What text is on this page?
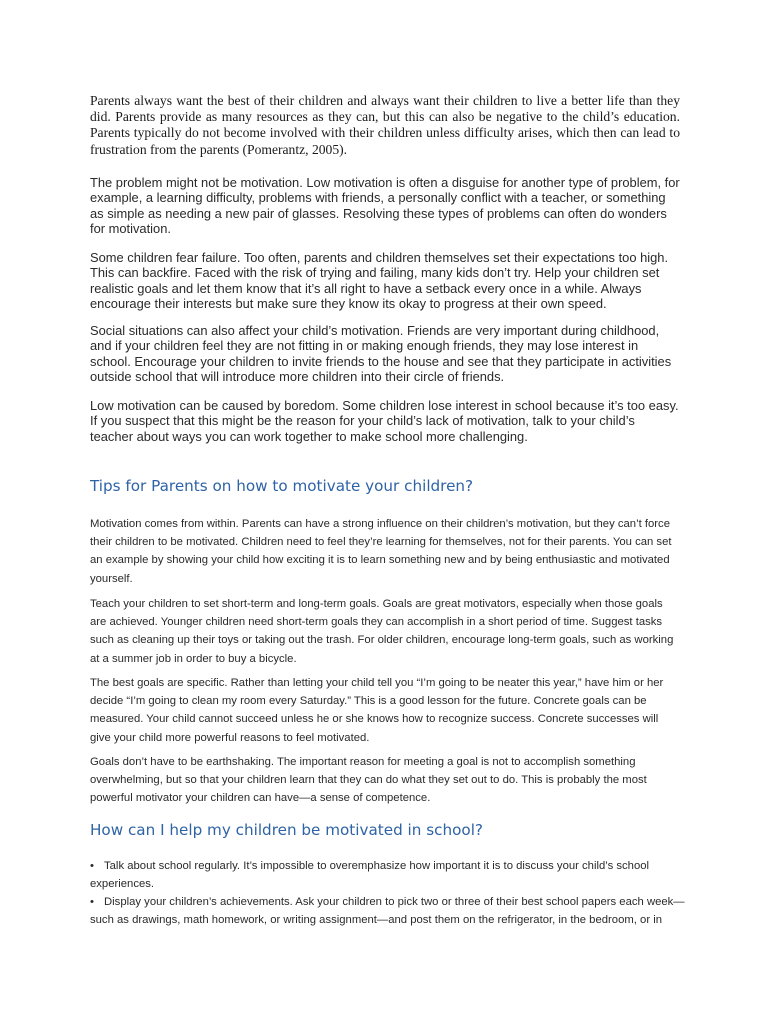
Parents always want the best of their children and always want their children to live a better life than they did. Parents provide as many resources as they can, but this can also be negative to the child’s education. Parents typically do not become involved with their children unless difficulty arises, which then can lead to frustration from the parents (Pomerantz, 2005).

The problem might not be motivation. Low motivation is often a disguise for another type of problem, for example, a learning difficulty, problems with friends, a personally conflict with a teacher, or something as simple as needing a new pair of glasses. Resolving these types of problems can often do wonders for motivation.

Some children fear failure. Too often, parents and children themselves set their expectations too high. This can backfire. Faced with the risk of trying and failing, many kids don’t try. Help your children set realistic goals and let them know that it’s all right to have a setback every once in a while. Always encourage their interests but make sure they know its okay to progress at their own speed.

Social situations can also affect your child’s motivation. Friends are very important during childhood, and if your children feel they are not fitting in or making enough friends, they may lose interest in school. Encourage your children to invite friends to the house and see that they participate in activities outside school that will introduce more children into their circle of friends.

Low motivation can be caused by boredom. Some children lose interest in school because it’s too easy. If you suspect that this might be the reason for your child’s lack of motivation, talk to your child’s teacher about ways you can work together to make school more challenging.

Tips for Parents on how to motivate your children?

Motivation comes from within. Parents can have a strong influence on their children’s motivation, but they can’t force their children to be motivated. Children need to feel they’re learning for themselves, not for their parents. You can set an example by showing your child how exciting it is to learn something new and by being enthusiastic and motivated yourself.

Teach your children to set short-term and long-term goals. Goals are great motivators, especially when those goals are achieved. Younger children need short-term goals they can accomplish in a short period of time. Suggest tasks such as cleaning up their toys or taking out the trash. For older children, encourage long-term goals, such as working at a summer job in order to buy a bicycle.

The best goals are specific. Rather than letting your child tell you “I’m going to be neater this year,” have him or her decide “I’m going to clean my room every Saturday.” This is a good lesson for the future. Concrete goals can be measured. Your child cannot succeed unless he or she knows how to recognize success. Concrete successes will give your child more powerful reasons to feel motivated.

Goals don’t have to be earthshaking. The important reason for meeting a goal is not to accomplish something overwhelming, but so that your children learn that they can do what they set out to do. This is probably the most powerful motivator your children can have—a sense of competence.

How can I help my children be motivated in school?
• Talk about school regularly. It’s impossible to overemphasize how important it is to discuss your child’s school experiences.
• Display your children’s achievements. Ask your children to pick two or three of their best school papers each week—such as drawings, math homework, or writing assignment—and post them on the refrigerator, in the bedroom, or in
